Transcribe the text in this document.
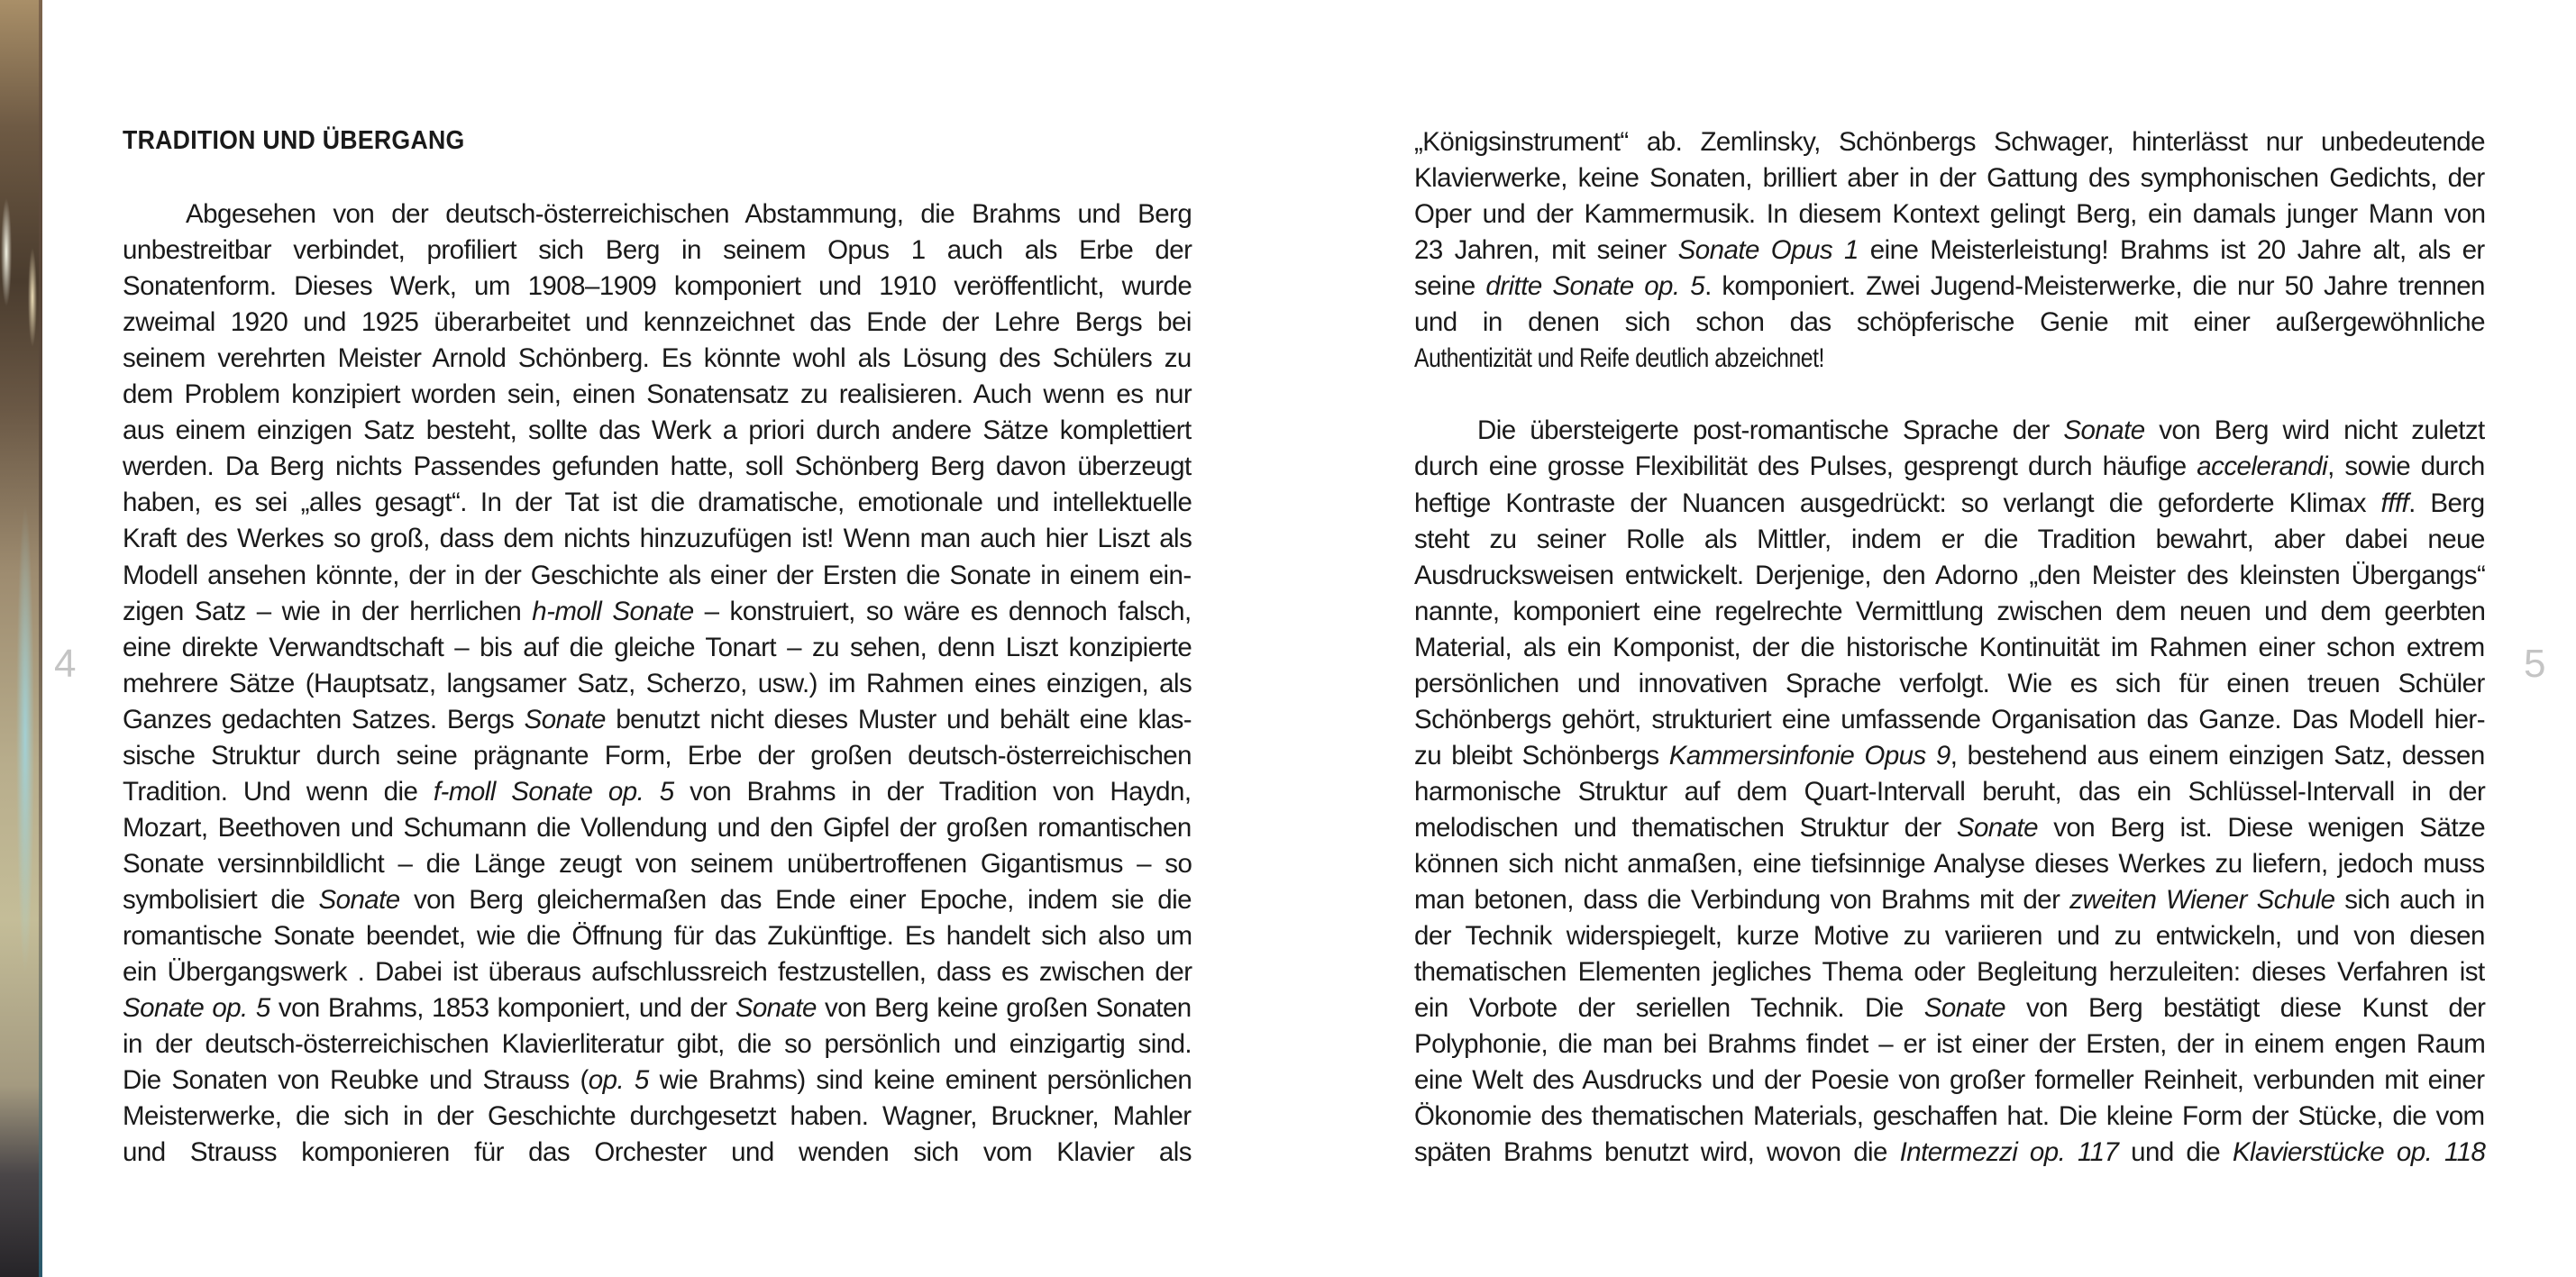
4	5
TRADITION UND ÜBERGANG
Abgesehen von der deutsch-österreichischen Abstammung, die Brahms und Berg
unbestreitbar verbindet, profiliert sich Berg in seinem Opus 1 auch als Erbe der
Sonatenform. Dieses Werk, um 1908–1909 komponiert und 1910 veröffentlicht, wurde
zweimal 1920 und 1925 überarbeitet und kennzeichnet das Ende der Lehre Bergs bei
seinem verehrten Meister Arnold Schönberg. Es könnte wohl als Lösung des Schülers zu
dem Problem konzipiert worden sein, einen Sonatensatz zu realisieren. Auch wenn es nur
aus einem einzigen Satz besteht, sollte das Werk a priori durch andere Sätze komplettiert
werden. Da Berg nichts Passendes gefunden hatte, soll Schönberg Berg davon überzeugt
haben, es sei „alles gesagt“. In der Tat ist die dramatische, emotionale und intellektuelle
Kraft des Werkes so groß, dass dem nichts hinzuzufügen ist! Wenn man auch hier Liszt als
Modell ansehen könnte, der in der Geschichte als einer der Ersten die Sonate in einem ein-
zigen Satz – wie in der herrlichen h-moll Sonate – konstruiert, so wäre es dennoch falsch,
eine direkte Verwandtschaft – bis auf die gleiche Tonart – zu sehen, denn Liszt konzipierte
mehrere Sätze (Hauptsatz, langsamer Satz, Scherzo, usw.) im Rahmen eines einzigen, als
Ganzes gedachten Satzes. Bergs Sonate benutzt nicht dieses Muster und behält eine klas-
sische Struktur durch seine prägnante Form, Erbe der großen deutsch-österreichischen
Tradition. Und wenn die f-moll Sonate op. 5 von Brahms in der Tradition von Haydn,
Mozart, Beethoven und Schumann die Vollendung und den Gipfel der großen romantischen
Sonate versinnbildlicht – die Länge zeugt von seinem unübertroffenen Gigantismus – so
symbolisiert die Sonate von Berg gleichermaßen das Ende einer Epoche, indem sie die
romantische Sonate beendet, wie die Öffnung für das Zukünftige. Es handelt sich also um
ein Übergangswerk . Dabei ist überaus aufschlussreich festzustellen, dass es zwischen der
Sonate op. 5 von Brahms, 1853 komponiert, und der Sonate von Berg keine großen Sonaten
in der deutsch-österreichischen Klavierliteratur gibt, die so persönlich und einzigartig sind.
Die Sonaten von Reubke und Strauss (op. 5 wie Brahms) sind keine eminent persönlichen
Meisterwerke, die sich in der Geschichte durchgesetzt haben. Wagner, Bruckner, Mahler
und Strauss komponieren für das Orchester und wenden sich vom Klavier als
„Königsinstrument“ ab. Zemlinsky, Schönbergs Schwager, hinterlässt nur unbedeutende
Klavierwerke, keine Sonaten, brilliert aber in der Gattung des symphonischen Gedichts, der
Oper und der Kammermusik. In diesem Kontext gelingt Berg, ein damals junger Mann von
23 Jahren, mit seiner Sonate Opus 1 eine Meisterleistung! Brahms ist 20 Jahre alt, als er
seine dritte Sonate op. 5. komponiert. Zwei Jugend-Meisterwerke, die nur 50 Jahre trennen
und in denen sich schon das schöpferische Genie mit einer außergewöhnliche
Authentizität und Reife deutlich abzeichnet!
Die übersteigerte post-romantische Sprache der Sonate von Berg wird nicht zuletzt
durch eine grosse Flexibilität des Pulses, gesprengt durch häufige accelerandi, sowie durch
heftige Kontraste der Nuancen ausgedrückt: so verlangt die geforderte Klimax ffff. Berg
steht zu seiner Rolle als Mittler, indem er die Tradition bewahrt, aber dabei neue
Ausdrucksweisen entwickelt. Derjenige, den Adorno „den Meister des kleinsten Übergangs“
nannte, komponiert eine regelrechte Vermittlung zwischen dem neuen und dem geerbten
Material, als ein Komponist, der die historische Kontinuität im Rahmen einer schon extrem
persönlichen und innovativen Sprache verfolgt. Wie es sich für einen treuen Schüler
Schönbergs gehört, strukturiert eine umfassende Organisation das Ganze. Das Modell hier-
zu bleibt Schönbergs Kammersinfonie Opus 9, bestehend aus einem einzigen Satz, dessen
harmonische Struktur auf dem Quart-Intervall beruht, das ein Schlüssel-Intervall in der
melodischen und thematischen Struktur der Sonate von Berg ist. Diese wenigen Sätze
können sich nicht anmaßen, eine tiefsinnige Analyse dieses Werkes zu liefern, jedoch muss
man betonen, dass die Verbindung von Brahms mit der zweiten Wiener Schule sich auch in
der Technik widerspiegelt, kurze Motive zu variieren und zu entwickeln, und von diesen
thematischen Elementen jegliches Thema oder Begleitung herzuleiten: dieses Verfahren ist
ein Vorbote der seriellen Technik. Die Sonate von Berg bestätigt diese Kunst der
Polyphonie, die man bei Brahms findet – er ist einer der Ersten, der in einem engen Raum
eine Welt des Ausdrucks und der Poesie von großer formeller Reinheit, verbunden mit einer
Ökonomie des thematischen Materials, geschaffen hat. Die kleine Form der Stücke, die vom
späten Brahms benutzt wird, wovon die Intermezzi op. 117 und die Klavierstücke op. 118
